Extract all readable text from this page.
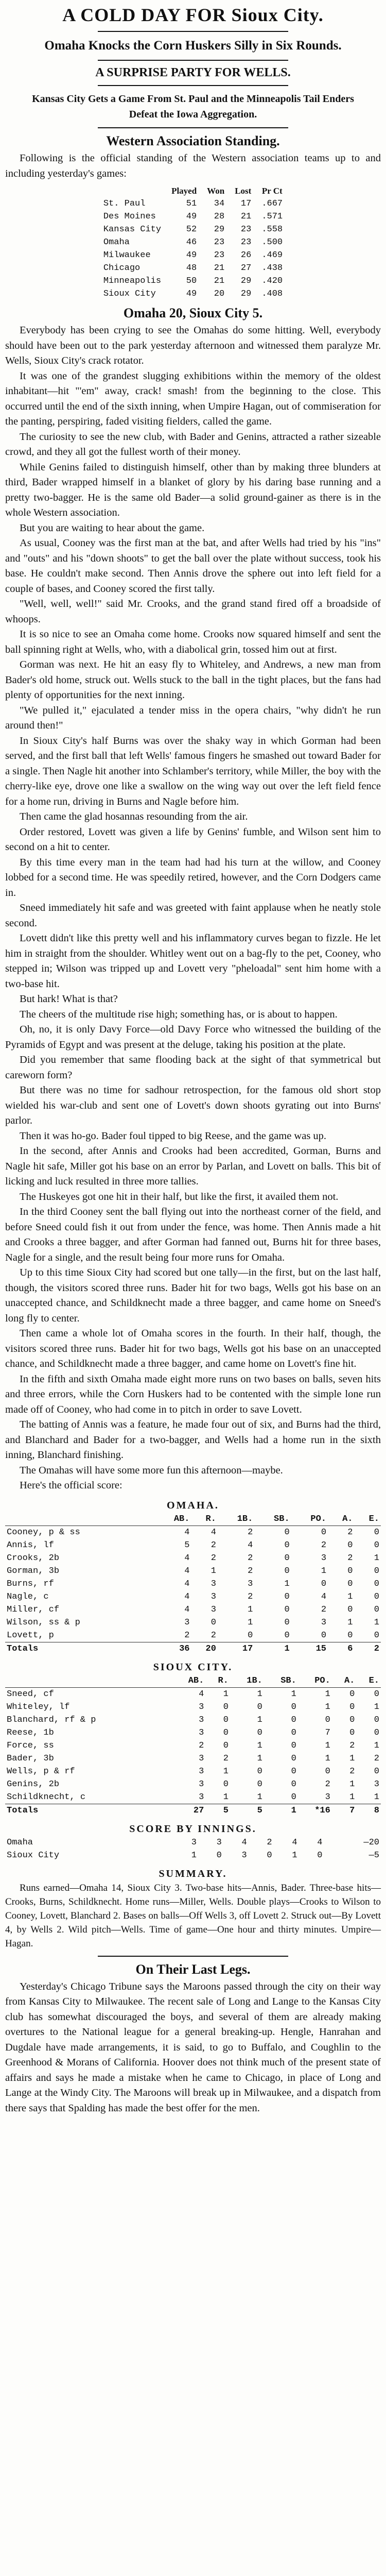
A COLD DAY FOR Sioux City.
Omaha Knocks the Corn Huskers Silly in Six Rounds.
A SURPRISE PARTY FOR WELLS.
Kansas City Gets a Game From St. Paul and the Minneapolis Tail Enders Defeat the Iowa Aggregation.
Western Association Standing.

Following is the official standing of the Western association teams up to and including yesterday's games:

	Played	Won	Lost	Pr Ct
St. Paul	51	34	17	.667
Des Moines	49	28	21	.571
Kansas City	52	29	23	.558
Omaha	46	23	23	.500
Milwaukee	49	23	26	.469
Chicago	48	21	27	.438
Minneapolis	50	21	29	.420
Sioux City	49	20	29	.408
Omaha 20, Sioux City 5.

Everybody has been crying to see the Omahas do some hitting. Well, everybody should have been out to the park yesterday afternoon and witnessed them paralyze Mr. Wells, Sioux City's crack rotator.

It was one of the grandest slugging exhibitions within the memory of the oldest inhabitant—hit "'em" away, crack! smash! from the beginning to the close. This occurred until the end of the sixth inning, when Umpire Hagan, out of commiseration for the panting, perspiring, faded visiting fielders, called the game.

The curiosity to see the new club, with Bader and Genins, attracted a rather sizeable crowd, and they all got the fullest worth of their money.

While Genins failed to distinguish himself, other than by making three blunders at third, Bader wrapped himself in a blanket of glory by his daring base running and a pretty two-bagger. He is the same old Bader—a solid ground-gainer as there is in the whole Western association.

But you are waiting to hear about the game.

As usual, Cooney was the first man at the bat, and after Wells had tried by his "ins" and "outs" and his "down shoots" to get the ball over the plate without success, took his base. He couldn't make second. Then Annis drove the sphere out into left field for a couple of bases, and Cooney scored the first tally.

"Well, well, well!" said Mr. Crooks, and the grand stand fired off a broadside of whoops.

It is so nice to see an Omaha come home. Crooks now squared himself and sent the ball spinning right at Wells, who, with a diabolical grin, tossed him out at first.

Gorman was next. He hit an easy fly to Whiteley, and Andrews, a new man from Bader's old home, struck out. Wells stuck to the ball in the tight places, but the fans had plenty of opportunities for the next inning.

"We pulled it," ejaculated a tender miss in the opera chairs, "why didn't he run around then!"

In Sioux City's half Burns was over the shaky way in which Gorman had been served, and the first ball that left Wells' famous fingers he smashed out toward Bader for a single. Then Nagle hit another into Schlamber's territory, while Miller, the boy with the cherry-like eye, drove one like a swallow on the wing way out over the left field fence for a home run, driving in Burns and Nagle before him.

Then came the glad hosannas resounding from the air.

Order restored, Lovett was given a life by Genins' fumble, and Wilson sent him to second on a hit to center.

By this time every man in the team had had his turn at the willow, and Cooney lobbed for a second time. He was speedily retired, however, and the Corn Dodgers came in.

Sneed immediately hit safe and was greeted with faint applause when he neatly stole second.

Lovett didn't like this pretty well and his inflammatory curves began to fizzle. He let him in straight from the shoulder. Whitley went out on a bag-fly to the pet, Cooney, who stepped in; Wilson was tripped up and Lovett very "pheloadal" sent him home with a two-base hit.

But hark! What is that?

The cheers of the multitude rise high; something has, or is about to happen.

Oh, no, it is only Davy Force—old Davy Force who witnessed the building of the Pyramids of Egypt and was present at the deluge, taking his position at the plate.

Did you remember that same flooding back at the sight of that symmetrical but careworn form?

But there was no time for sadhour retrospection, for the famous old short stop wielded his war-club and sent one of Lovett's down shoots gyrating out into Burns' parlor.

Then it was ho-go. Bader foul tipped to big Reese, and the game was up.

In the second, after Annis and Crooks had been accredited, Gorman, Burns and Nagle hit safe, Miller got his base on an error by Parlan, and Lovett on balls. This bit of licking and luck resulted in three more tallies.

The Huskeyes got one hit in their half, but like the first, it availed them not.

In the third Cooney sent the ball flying out into the northeast corner of the field, and before Sneed could fish it out from under the fence, was home. Then Annis made a hit and Crooks a three bagger, and after Gorman had fanned out, Burns hit for three bases, Nagle for a single, and the result being four more runs for Omaha.

Up to this time Sioux City had scored but one tally—in the first, but on the last half, though, the visitors scored three runs. Bader hit for two bags, Wells got his base on an unaccepted chance, and Schildknecht made a three bagger, and came home on Sneed's long fly to center.

Then came a whole lot of Omaha scores in the fourth. In their half, though, the visitors scored three runs. Bader hit for two bags, Wells got his base on an unaccepted chance, and Schildknecht made a three bagger, and came home on Lovett's fine hit.

In the fifth and sixth Omaha made eight more runs on two bases on balls, seven hits and three errors, while the Corn Huskers had to be contented with the simple lone run made off of Cooney, who had come in to pitch in order to save Lovett.

The batting of Annis was a feature, he made four out of six, and Burns had the third, and Blanchard and Bader for a two-bagger, and Wells had a home run in the sixth inning, Blanchard finishing.

The Omahas will have some more fun this afternoon—maybe.

Here's the official score:

OMAHA.
	AB.	R.	1B.	SB.	PO.	A.	E.
Cooney, p & ss	4	4	2	0	0	2	0
Annis, lf	5	2	4	0	2	0	0
Crooks, 2b	4	2	2	0	3	2	1
Gorman, 3b	4	1	2	0	1	0	0
Burns, rf	4	3	3	1	0	0	0
Nagle, c	4	3	2	0	4	1	0
Miller, cf	4	3	1	0	2	0	0
Wilson, ss & p	3	0	1	0	3	1	1
Lovett, p	2	2	0	0	0	0	0
Totals	36	20	17	1	15	6	2
SIOUX CITY.
	AB.	R.	1B.	SB.	PO.	A.	E.
Sneed, cf	4	1	1	1	1	0	0
Whiteley, lf	3	0	0	0	1	0	1
Blanchard, rf & p	3	0	1	0	0	0	0
Reese, 1b	3	0	0	0	7	0	0
Force, ss	2	0	1	0	1	2	1
Bader, 3b	3	2	1	0	1	1	2
Wells, p & rf	3	1	0	0	0	2	0
Genins, 2b	3	0	0	0	2	1	3
Schildknecht, c	3	1	1	0	3	1	1
Totals	27	5	5	1	*16	7	8
SCORE BY INNINGS.
Omaha	3	3	4	2	4	4	—20
Sioux City	1	0	3	0	1	0	—5
SUMMARY.

Runs earned—Omaha 14, Sioux City 3. Two-base hits—Annis, Bader. Three-base hits—Crooks, Burns, Schildknecht. Home runs—Miller, Wells. Double plays—Crooks to Wilson to Cooney, Lovett, Blanchard 2. Bases on balls—Off Wells 3, off Lovett 2. Struck out—By Lovett 4, by Wells 2. Wild pitch—Wells. Time of game—One hour and thirty minutes. Umpire—Hagan.

On Their Last Legs.

Yesterday's Chicago Tribune says the Maroons passed through the city on their way from Kansas City to Milwaukee. The recent sale of Long and Lange to the Kansas City club has somewhat discouraged the boys, and several of them are already making overtures to the National league for a general breaking-up. Hengle, Hanrahan and Dugdale have made arrangements, it is said, to go to Buffalo, and Coughlin to the Greenhood & Morans of California. Hoover does not think much of the present state of affairs and says he made a mistake when he came to Chicago, in place of Long and Lange at the Windy City. The Maroons will break up in Milwaukee, and a dispatch from there says that Spalding has made the best offer for the men.
